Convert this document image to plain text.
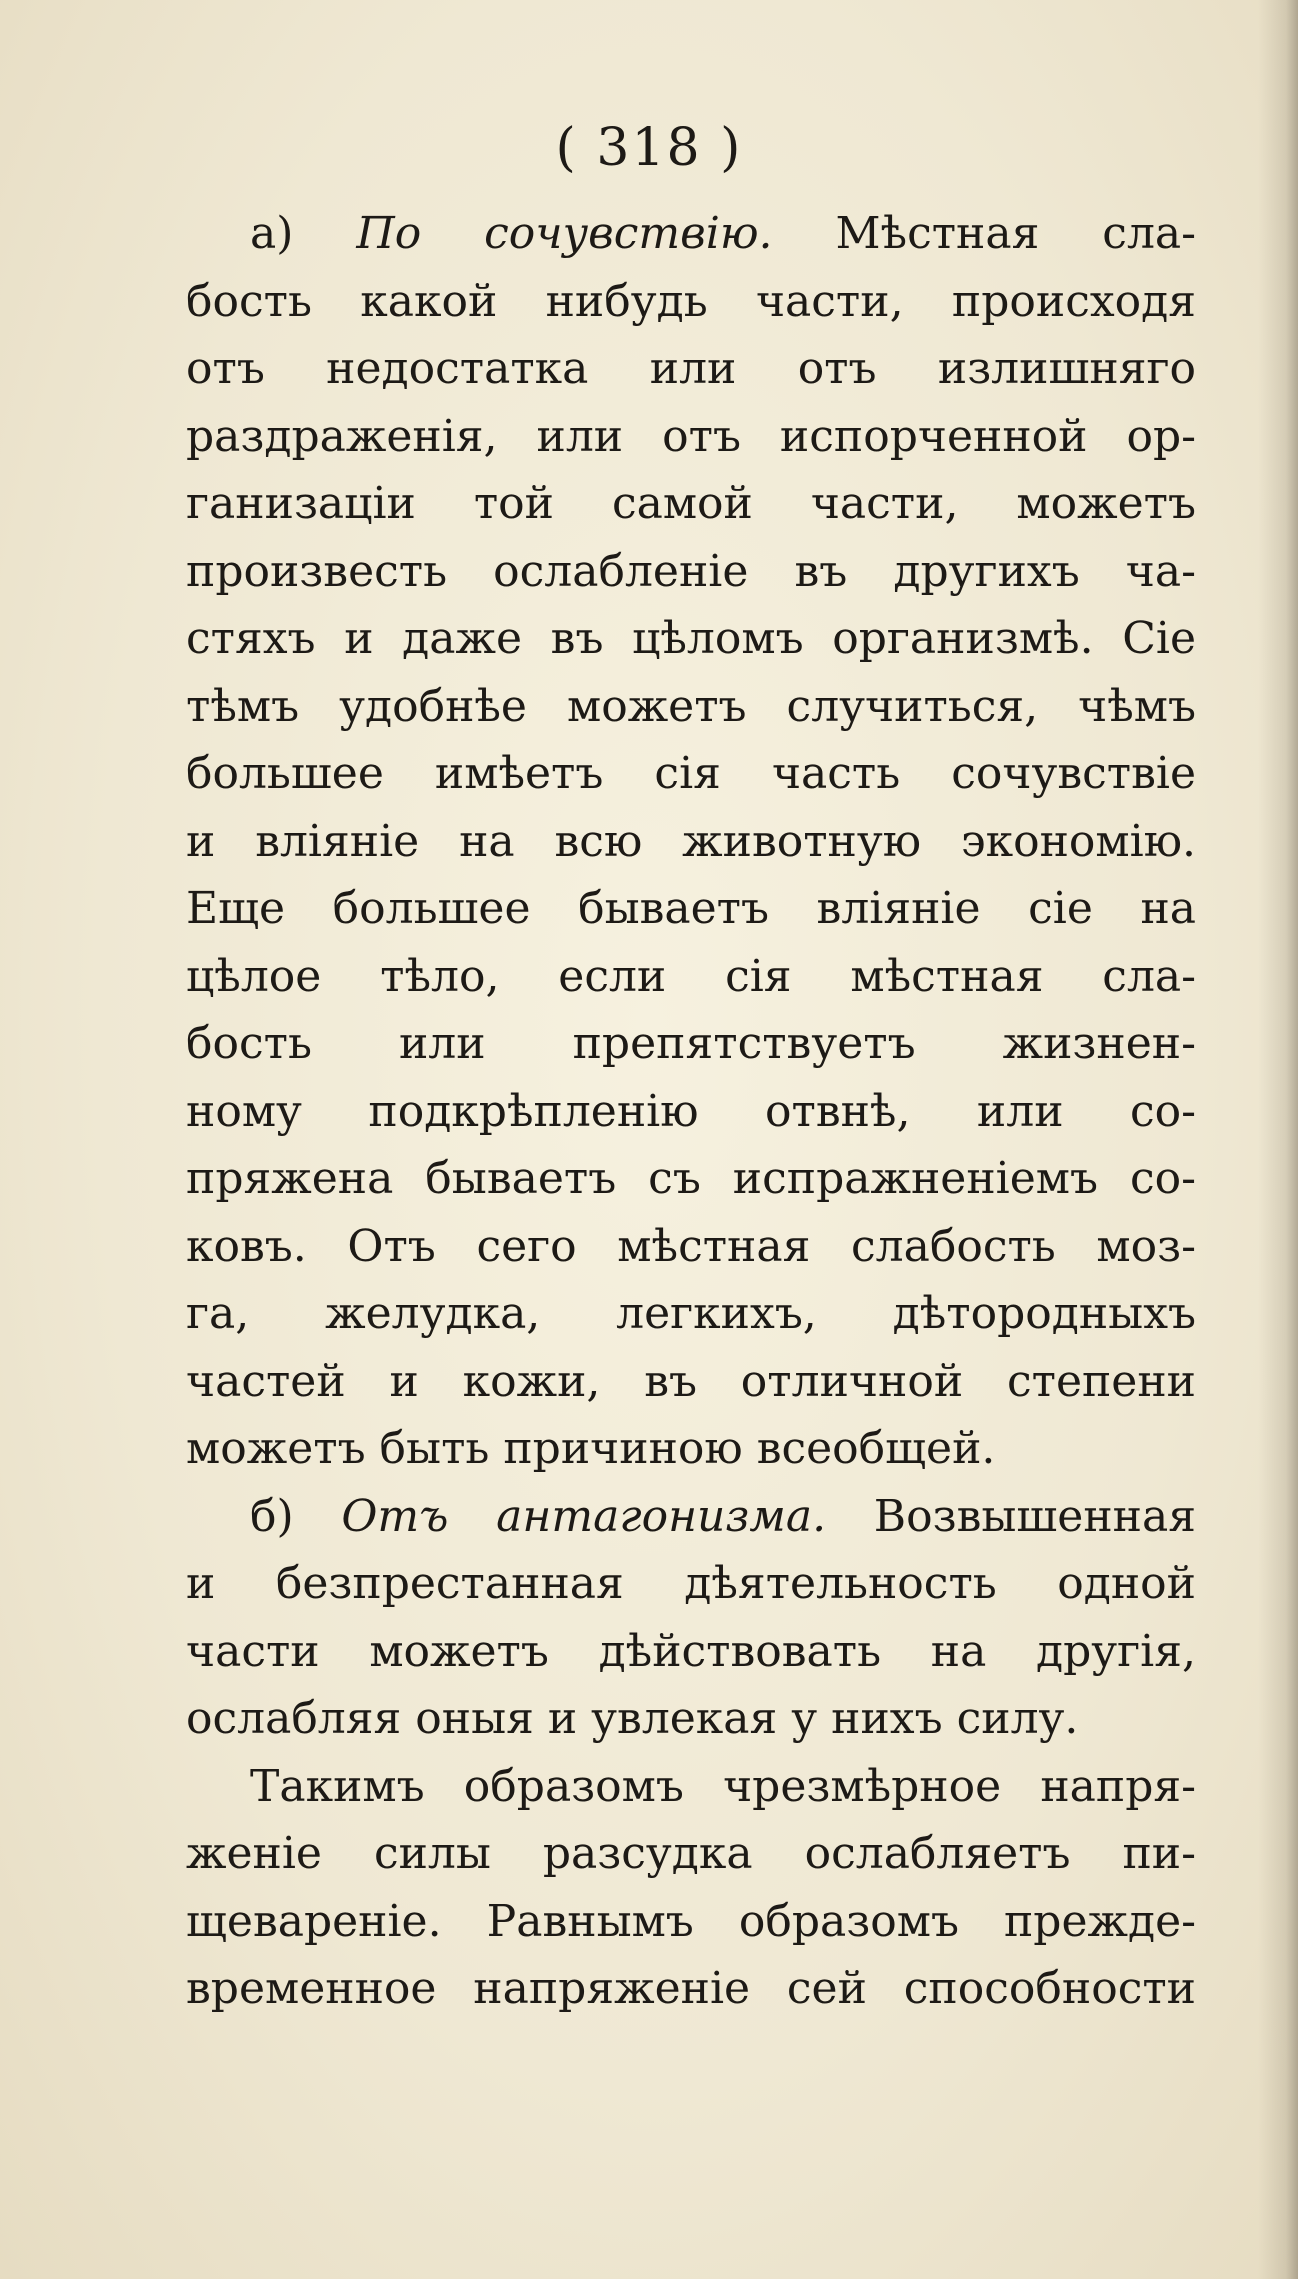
( 318 )
а) По сочувствію. Мѣстная сла-
бость какой нибудь части, происходя
отъ недостатка или отъ излишняго
раздраженія, или отъ испорченной ор-
ганизаціи той самой части, можетъ
произвесть ослабленіе въ другихъ ча-
стяхъ и даже въ цѣломъ организмѣ. Сіе
тѣмъ удобнѣе можетъ случиться, чѣмъ
большее имѣетъ сія часть сочувствіе
и вліяніе на всю животную экономію.
Еще большее бываетъ вліяніе сіе на
цѣлое тѣло, если сія мѣстная сла-
бость или препятствуетъ жизнен-
ному подкрѣпленію отвнѣ, или со-
пряжена бываетъ съ испражненіемъ со-
ковъ. Отъ сего мѣстная слабость моз-
га, желудка, легкихъ, дѣтородныхъ
частей и кожи, въ отличной степени
можетъ быть причиною всеобщей.
б) Отъ антагонизма. Возвышенная
и безпрестанная дѣятельность одной
части можетъ дѣйствовать на другія,
ослабляя оныя и увлекая у нихъ силу.
Такимъ образомъ чрезмѣрное напря-
женіе силы разсудка ослабляетъ пи-
щевареніе. Равнымъ образомъ прежде-
временное напряженіе сей способности
